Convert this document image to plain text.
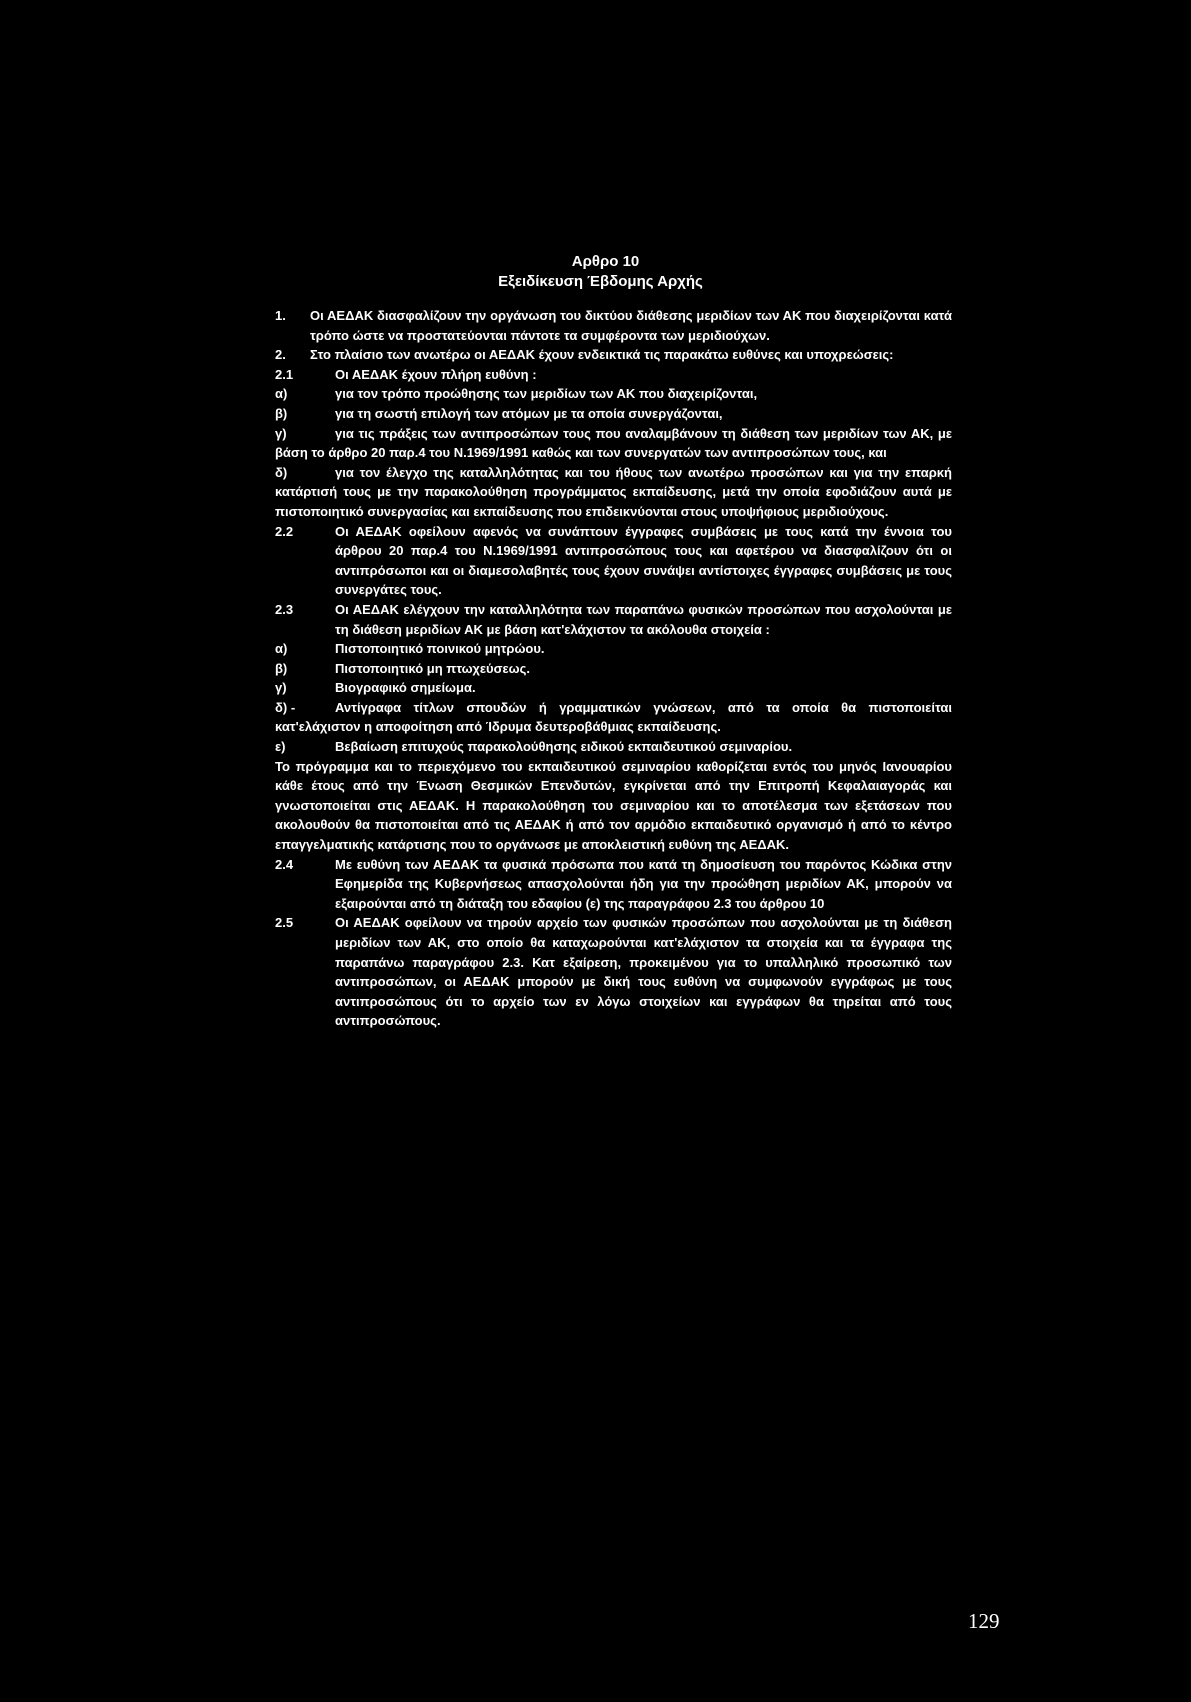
Αρθρο 10
Εξειδίκευση Έβδομης Αρχής
1.	Οι ΑΕΔΑΚ διασφαλίζουν την οργάνωση του δικτύου διάθεσης μεριδίων των ΑΚ που διαχειρίζονται κατά τρόπο ώστε να προστατεύονται πάντοτε τα συμφέροντα των μεριδιούχων.
2.	Στο πλαίσιο των ανωτέρω οι ΑΕΔΑΚ έχουν ενδεικτικά τις παρακάτω ευθύνες και υποχρεώσεις:
2.1	Οι ΑΕΔΑΚ έχουν πλήρη ευθύνη :
α)	για τον τρόπο προώθησης των μεριδίων των ΑΚ που διαχειρίζονται,
β)	για τη σωστή επιλογή των ατόμων με τα οποία συνεργάζονται,
γ)	για τις πράξεις των αντιπροσώπων τους που αναλαμβάνουν τη διάθεση των μεριδίων των ΑΚ, με βάση το άρθρο 20 παρ.4 του Ν.1969/1991 καθώς και των συνεργατών των αντιπροσώπων τους, και
δ)	για τον έλεγχο της καταλληλότητας και του ήθους των ανωτέρω προσώπων και για την επαρκή κατάρτισή τους με την παρακολούθηση προγράμματος εκπαίδευσης, μετά την οποία εφοδιάζουν αυτά με πιστοποιητικό συνεργασίας και εκπαίδευσης που επιδεικνύονται στους υποψήφιους μεριδιούχους.
2.2	Οι ΑΕΔΑΚ οφείλουν αφενός να συνάπτουν έγγραφες συμβάσεις με τους κατά την έννοια του άρθρου 20 παρ.4 του Ν.1969/1991 αντιπροσώπους τους και αφετέρου να διασφαλίζουν ότι οι αντιπρόσωποι και οι διαμεσολαβητές τους έχουν συνάψει αντίστοιχες έγγραφες συμβάσεις με τους συνεργάτες τους.
2.3	Οι ΑΕΔΑΚ ελέγχουν την καταλληλότητα των παραπάνω φυσικών προσώπων που ασχολούνται με τη διάθεση μεριδίων ΑΚ με βάση κατ'ελάχιστον τα ακόλουθα στοιχεία :
α)	Πιστοποιητικό ποινικού μητρώου.
β)	Πιστοποιητικό μη πτωχεύσεως.
γ)	Βιογραφικό σημείωμα.
δ) -	Αντίγραφα τίτλων σπουδών ή γραμματικών γνώσεων, από τα οποία θα πιστοποιείται κατ'ελάχιστον η αποφοίτηση από Ίδρυμα δευτεροβάθμιας εκπαίδευσης.
ε)	Βεβαίωση επιτυχούς παρακολούθησης ειδικού εκπαιδευτικού σεμιναρίου.
Το πρόγραμμα και το περιεχόμενο του εκπαιδευτικού σεμιναρίου καθορίζεται εντός του μηνός Ιανουαρίου κάθε έτους από την Ένωση Θεσμικών Επενδυτών, εγκρίνεται από την Επιτροπή Κεφαλαιαγοράς και γνωστοποιείται στις ΑΕΔΑΚ. Η παρακολούθηση του σεμιναρίου και το αποτέλεσμα των εξετάσεων που ακολουθούν θα πιστοποιείται από τις ΑΕΔΑΚ ή από τον αρμόδιο εκπαιδευτικό οργανισμό ή από το κέντρο επαγγελματικής κατάρτισης που το οργάνωσε με αποκλειστική ευθύνη της ΑΕΔΑΚ.
2.4	Με ευθύνη των ΑΕΔΑΚ τα φυσικά πρόσωπα που κατά τη δημοσίευση του παρόντος Κώδικα στην Εφημερίδα της Κυβερνήσεως απασχολούνται ήδη για την προώθηση μεριδίων ΑΚ, μπορούν να εξαιρούνται από τη διάταξη του εδαφίου (ε) της παραγράφου 2.3 του άρθρου 10
2.5	Οι ΑΕΔΑΚ οφείλουν να τηρούν αρχείο των φυσικών προσώπων που ασχολούνται με τη διάθεση μεριδίων των ΑΚ, στο οποίο θα καταχωρούνται κατ'ελάχιστον τα στοιχεία και τα έγγραφα της παραπάνω παραγράφου 2.3. Κατ εξαίρεση, προκειμένου για το υπαλληλικό προσωπικό των αντιπροσώπων, οι ΑΕΔΑΚ μπορούν με δική τους ευθύνη να συμφωνούν εγγράφως με τους αντιπροσώπους ότι το αρχείο των εν λόγω στοιχείων και εγγράφων θα τηρείται από τους αντιπροσώπους.
129
